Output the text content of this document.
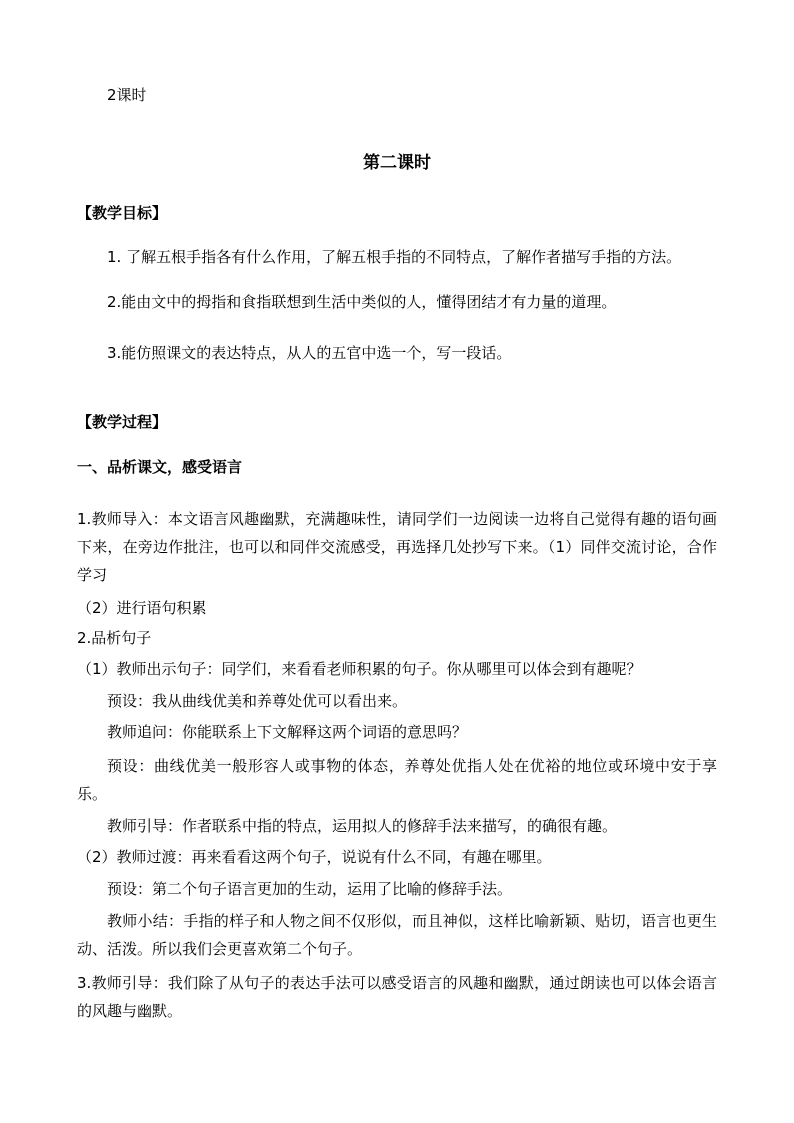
2课时

第二课时

【教学目标】

1. 了解五根手指各有什么作用，了解五根手指的不同特点，了解作者描写手指的方法。

2.能由文中的拇指和食指联想到生活中类似的人，懂得团结才有力量的道理。

3.能仿照课文的表达特点，从人的五官中选一个，写一段话。

【教学过程】

一、品析课文，感受语言

1.教师导入：本文语言风趣幽默，充满趣味性，请同学们一边阅读一边将自己觉得有趣的语句画下来，在旁边作批注，也可以和同伴交流感受，再选择几处抄写下来。（1）同伴交流讨论，合作学习

（2）进行语句积累

2.品析句子

（1）教师出示句子：同学们，来看看老师积累的句子。你从哪里可以体会到有趣呢？

预设：我从曲线优美和养尊处优可以看出来。

教师追问：你能联系上下文解释这两个词语的意思吗？

预设：曲线优美一般形容人或事物的体态，养尊处优指人处在优裕的地位或环境中安于享乐。

教师引导：作者联系中指的特点，运用拟人的修辞手法来描写，的确很有趣。

（2）教师过渡：再来看看这两个句子，说说有什么不同，有趣在哪里。

预设：第二个句子语言更加的生动，运用了比喻的修辞手法。

教师小结：手指的样子和人物之间不仅形似，而且神似，这样比喻新颖、贴切，语言也更生动、活泼。所以我们会更喜欢第二个句子。

3.教师引导：我们除了从句子的表达手法可以感受语言的风趣和幽默，通过朗读也可以体会语言的风趣与幽默。
